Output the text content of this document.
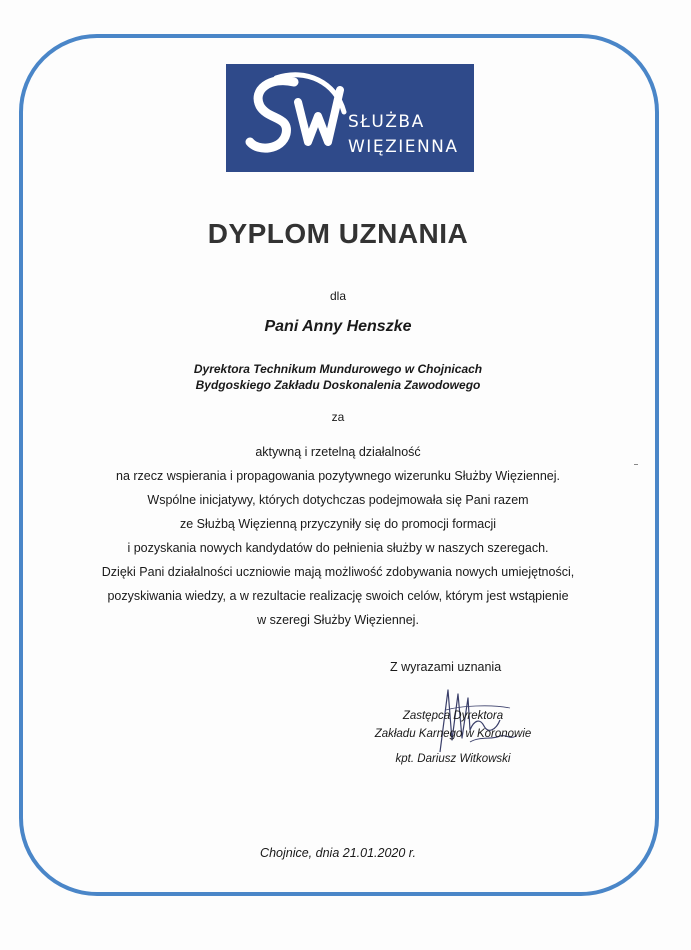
SŁUŻBA
WIĘZIENNA
DYPLOM UZNANIA
dla
Pani Anny Henszke
Dyrektora Technikum Mundurowego w Chojnicach
Bydgoskiego Zakładu Doskonalenia Zawodowego
za
aktywną i rzetelną działalność
na rzecz wspierania i propagowania pozytywnego wizerunku Służby Więziennej.
Wspólne inicjatywy, których dotychczas podejmowała się Pani razem
ze Służbą Więzienną przyczyniły się do promocji formacji
i pozyskania nowych kandydatów do pełnienia służby w naszych szeregach.
Dzięki Pani działalności uczniowie mają możliwość zdobywania nowych umiejętności,
pozyskiwania wiedzy, a w rezultacie realizację swoich celów, którym jest wstąpienie
w szeregi Służby Więziennej.
Z wyrazami uznania
Zastępca Dyrektora
Zakładu Karnego w Koronowie
kpt. Dariusz Witkowski
Chojnice, dnia 21.01.2020 r.
